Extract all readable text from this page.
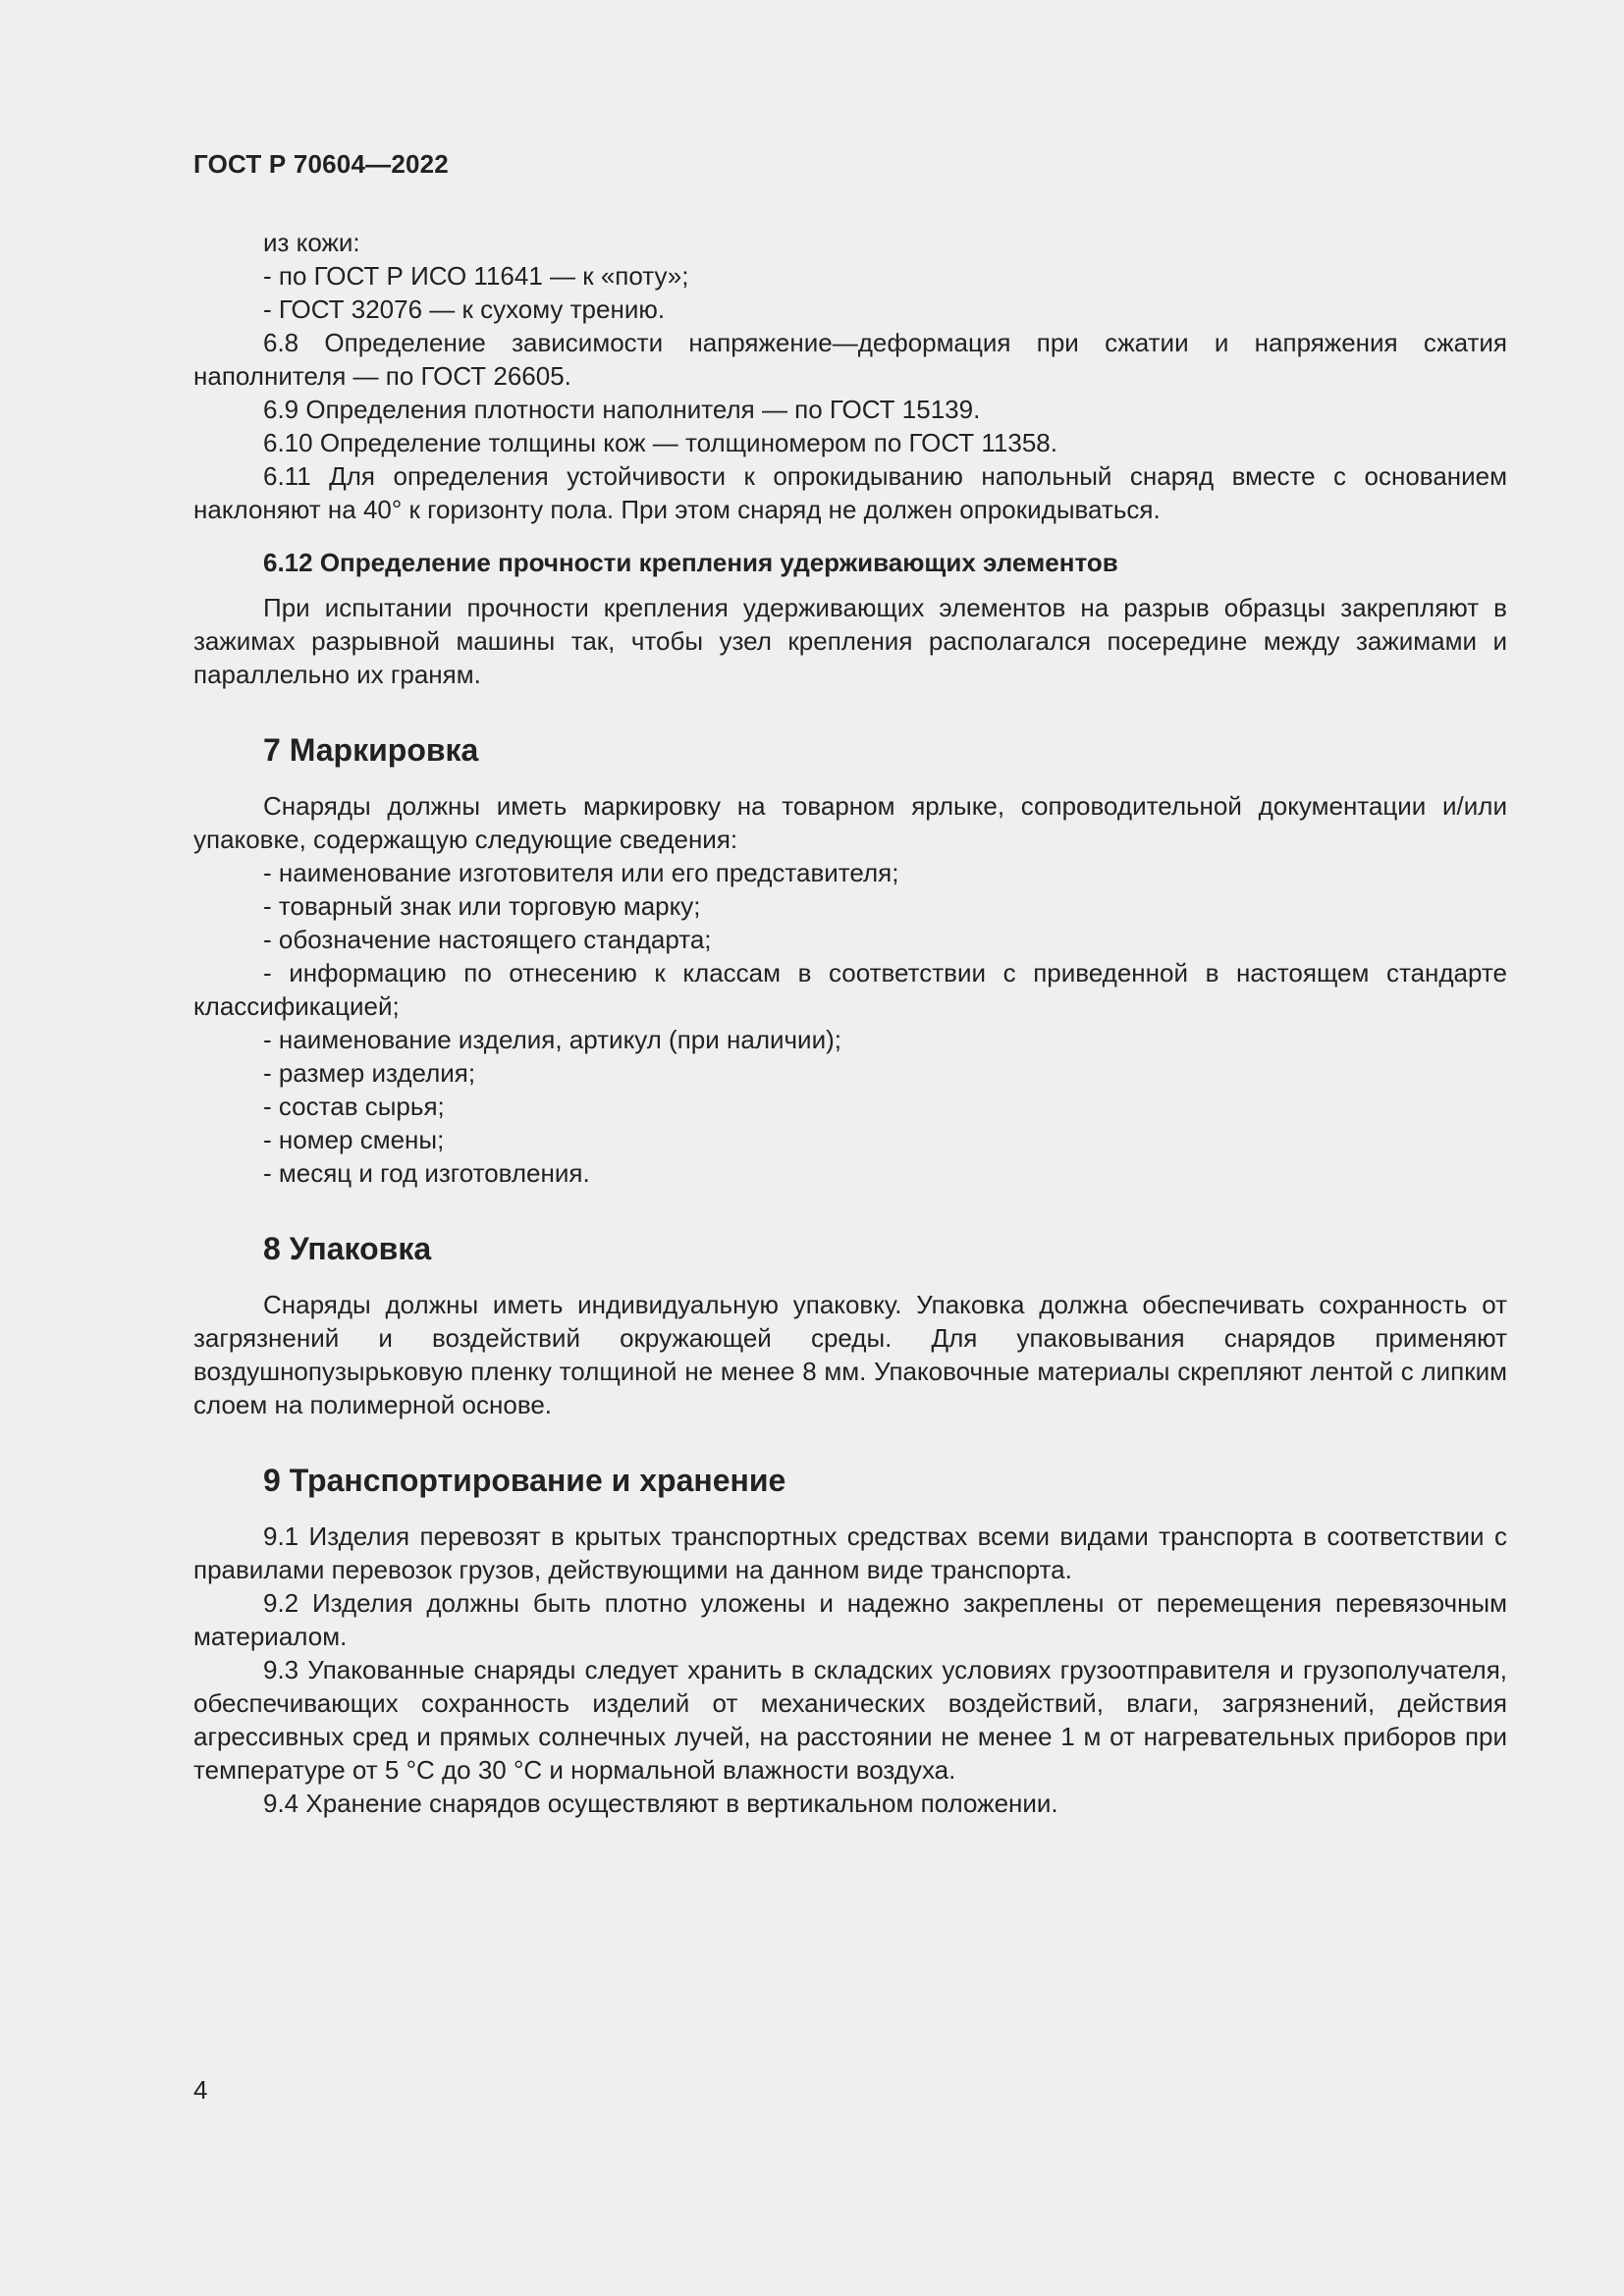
ГОСТ Р 70604—2022

из кожи:

- по ГОСТ Р ИСО 11641 — к «поту»;

- ГОСТ 32076 — к сухому трению.

6.8 Определение зависимости напряжение—деформация при сжатии и напряжения сжатия наполнителя — по ГОСТ 26605.

6.9 Определения плотности наполнителя — по ГОСТ 15139.

6.10 Определение толщины кож — толщиномером по ГОСТ 11358.

6.11 Для определения устойчивости к опрокидыванию напольный снаряд вместе с основанием наклоняют на 40° к горизонту пола. При этом снаряд не должен опрокидываться.

6.12 Определение прочности крепления удерживающих элементов

При испытании прочности крепления удерживающих элементов на разрыв образцы закрепляют в зажимах разрывной машины так, чтобы узел крепления располагался посередине между зажимами и параллельно их граням.

7 Маркировка

Снаряды должны иметь маркировку на товарном ярлыке, сопроводительной документации и/или упаковке, содержащую следующие сведения:

- наименование изготовителя или его представителя;

- товарный знак или торговую марку;

- обозначение настоящего стандарта;

- информацию по отнесению к классам в соответствии с приведенной в настоящем стандарте классификацией;

- наименование изделия, артикул (при наличии);

- размер изделия;

- состав сырья;

- номер смены;

- месяц и год изготовления.

8 Упаковка

Снаряды должны иметь индивидуальную упаковку. Упаковка должна обеспечивать сохранность от загрязнений и воздействий окружающей среды. Для упаковывания снарядов применяют воздушнопузырьковую пленку толщиной не менее 8 мм. Упаковочные материалы скрепляют лентой с липким слоем на полимерной основе.

9 Транспортирование и хранение

9.1 Изделия перевозят в крытых транспортных средствах всеми видами транспорта в соответствии с правилами перевозок грузов, действующими на данном виде транспорта.

9.2 Изделия должны быть плотно уложены и надежно закреплены от перемещения перевязочным материалом.

9.3 Упакованные снаряды следует хранить в складских условиях грузоотправителя и грузополучателя, обеспечивающих сохранность изделий от механических воздействий, влаги, загрязнений, действия агрессивных сред и прямых солнечных лучей, на расстоянии не менее 1 м от нагревательных приборов при температуре от 5 °С до 30 °С и нормальной влажности воздуха.

9.4 Хранение снарядов осуществляют в вертикальном положении.

4
